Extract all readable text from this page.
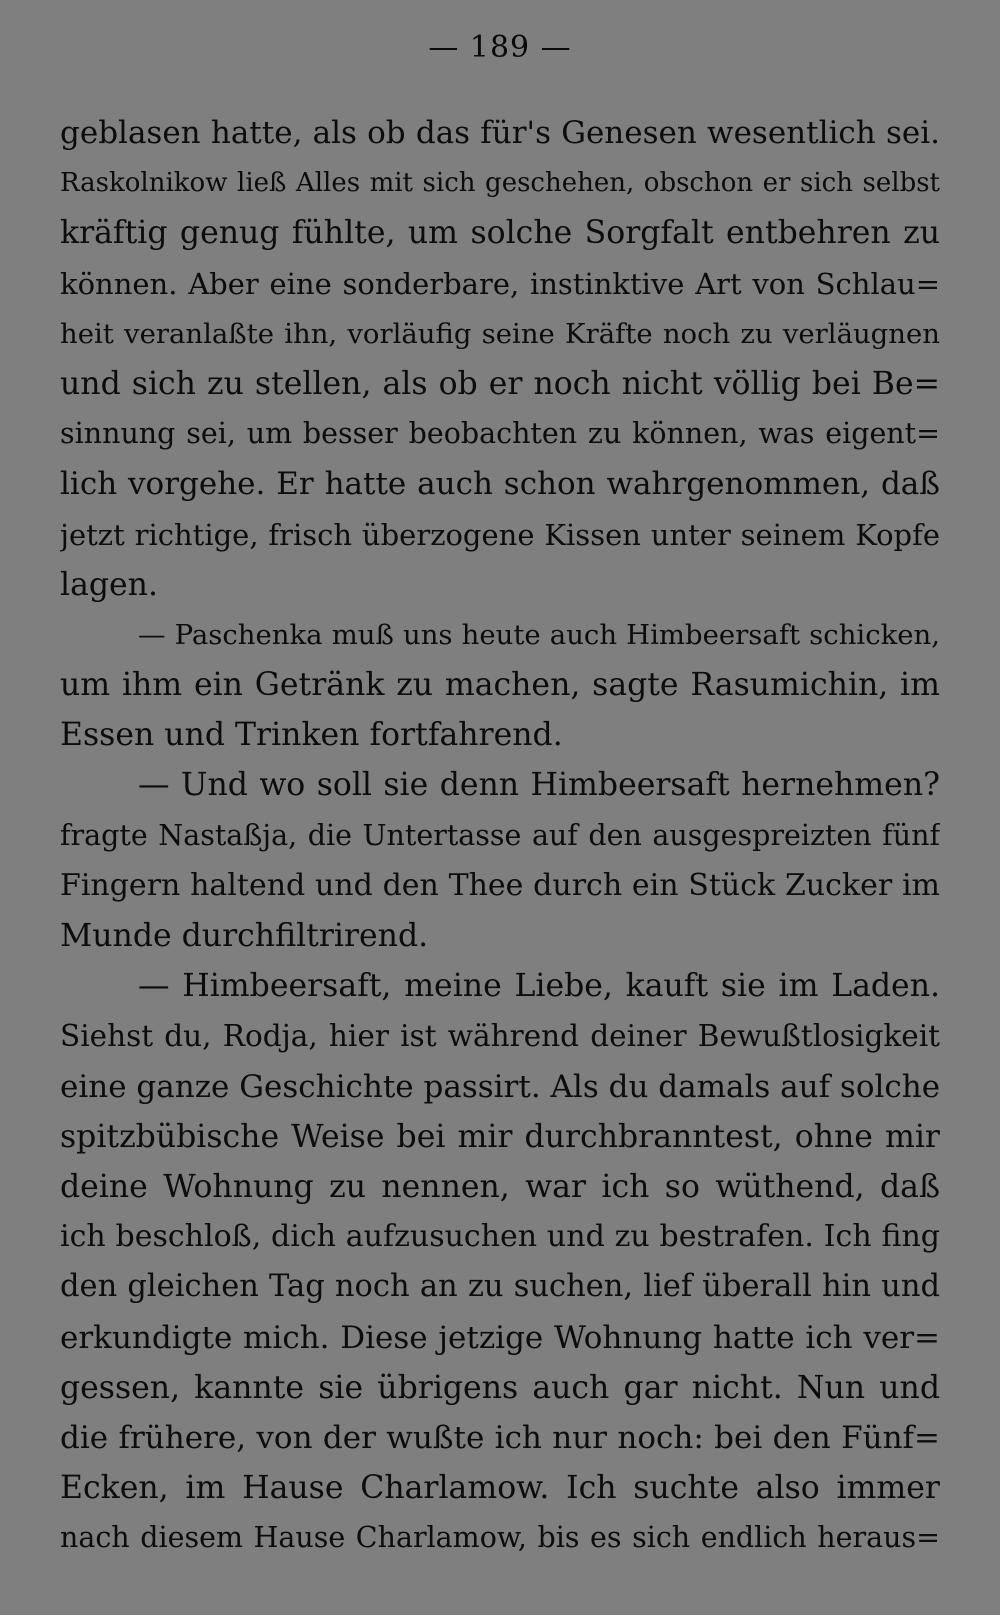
— 189 —
geblasen hatte, als ob das für's Genesen wesentlich sei.
Raskolnikow ließ Alles mit sich geschehen, obschon er sich selbst
kräftig genug fühlte, um solche Sorgfalt entbehren zu
können. Aber eine sonderbare, instinktive Art von Schlau=
heit veranlaßte ihn, vorläufig seine Kräfte noch zu verläugnen
und sich zu stellen, als ob er noch nicht völlig bei Be=
sinnung sei, um besser beobachten zu können, was eigent=
lich vorgehe. Er hatte auch schon wahrgenommen, daß
jetzt richtige, frisch überzogene Kissen unter seinem Kopfe
lagen.
— Paschenka muß uns heute auch Himbeersaft schicken,
um ihm ein Getränk zu machen, sagte Rasumichin, im
Essen und Trinken fortfahrend.
— Und wo soll sie denn Himbeersaft hernehmen?
fragte Nastaßja, die Untertasse auf den ausgespreizten fünf
Fingern haltend und den Thee durch ein Stück Zucker im
Munde durchfiltrirend.
— Himbeersaft, meine Liebe, kauft sie im Laden.
Siehst du, Rodja, hier ist während deiner Bewußtlosigkeit
eine ganze Geschichte passirt. Als du damals auf solche
spitzbübische Weise bei mir durchbranntest, ohne mir
deine Wohnung zu nennen, war ich so wüthend, daß
ich beschloß, dich aufzusuchen und zu bestrafen. Ich fing
den gleichen Tag noch an zu suchen, lief überall hin und
erkundigte mich. Diese jetzige Wohnung hatte ich ver=
gessen, kannte sie übrigens auch gar nicht. Nun und
die frühere, von der wußte ich nur noch: bei den Fünf=
Ecken, im Hause Charlamow. Ich suchte also immer
nach diesem Hause Charlamow, bis es sich endlich heraus=
